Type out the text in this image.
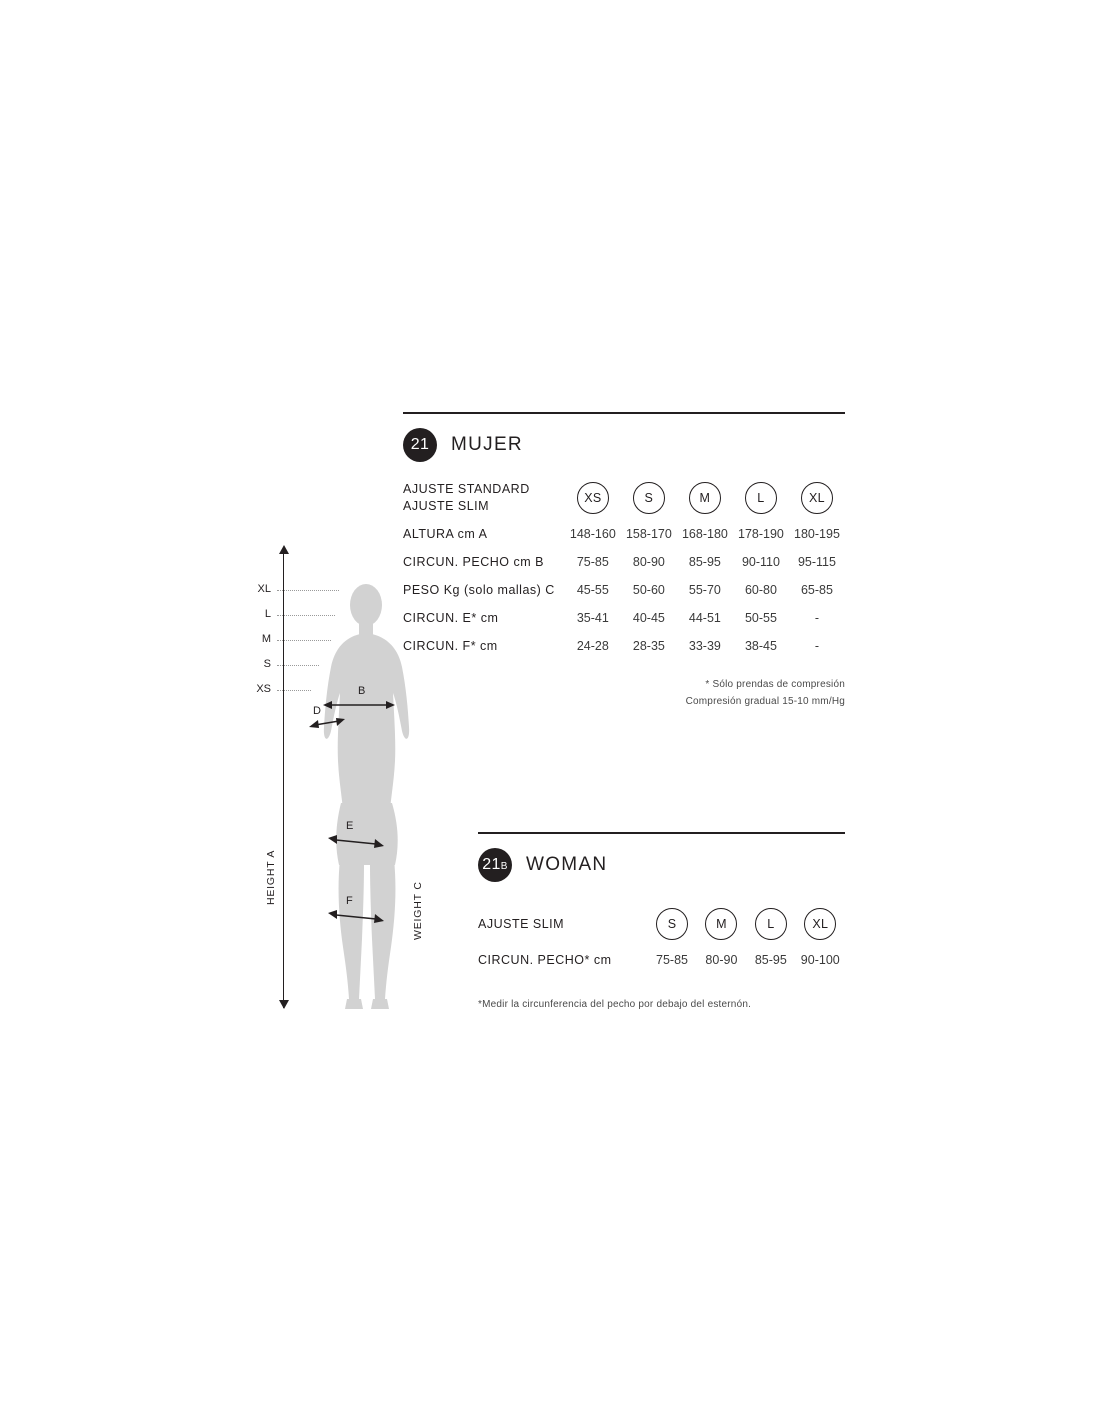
HEIGHT A
WEIGHT C
XL
L
M
S
XS	B
D
E
F
21 MUJER
AJUSTE STANDARD
AJUSTE SLIM	XS	S	M	L	XL
ALTURA cm A	148-160	158-170	168-180	178-190	180-195
CIRCUN. PECHO cm B	75-85	80-90	85-95	90-110	95-115
PESO Kg (solo mallas) C	45-55	50-60	55-70	60-80	65-85
CIRCUN. E* cm	35-41	40-45	44-51	50-55	-
CIRCUN. F* cm	24-28	28-35	33-39	38-45	-
* Sólo prendas de compresión
Compresión gradual 15-10 mm/Hg
21 B WOMAN
AJUSTE SLIM	S	M	L	XL
CIRCUN. PECHO* cm	75-85	80-90	85-95	90-100
*Medir la circunferencia del pecho por debajo del esternón.
